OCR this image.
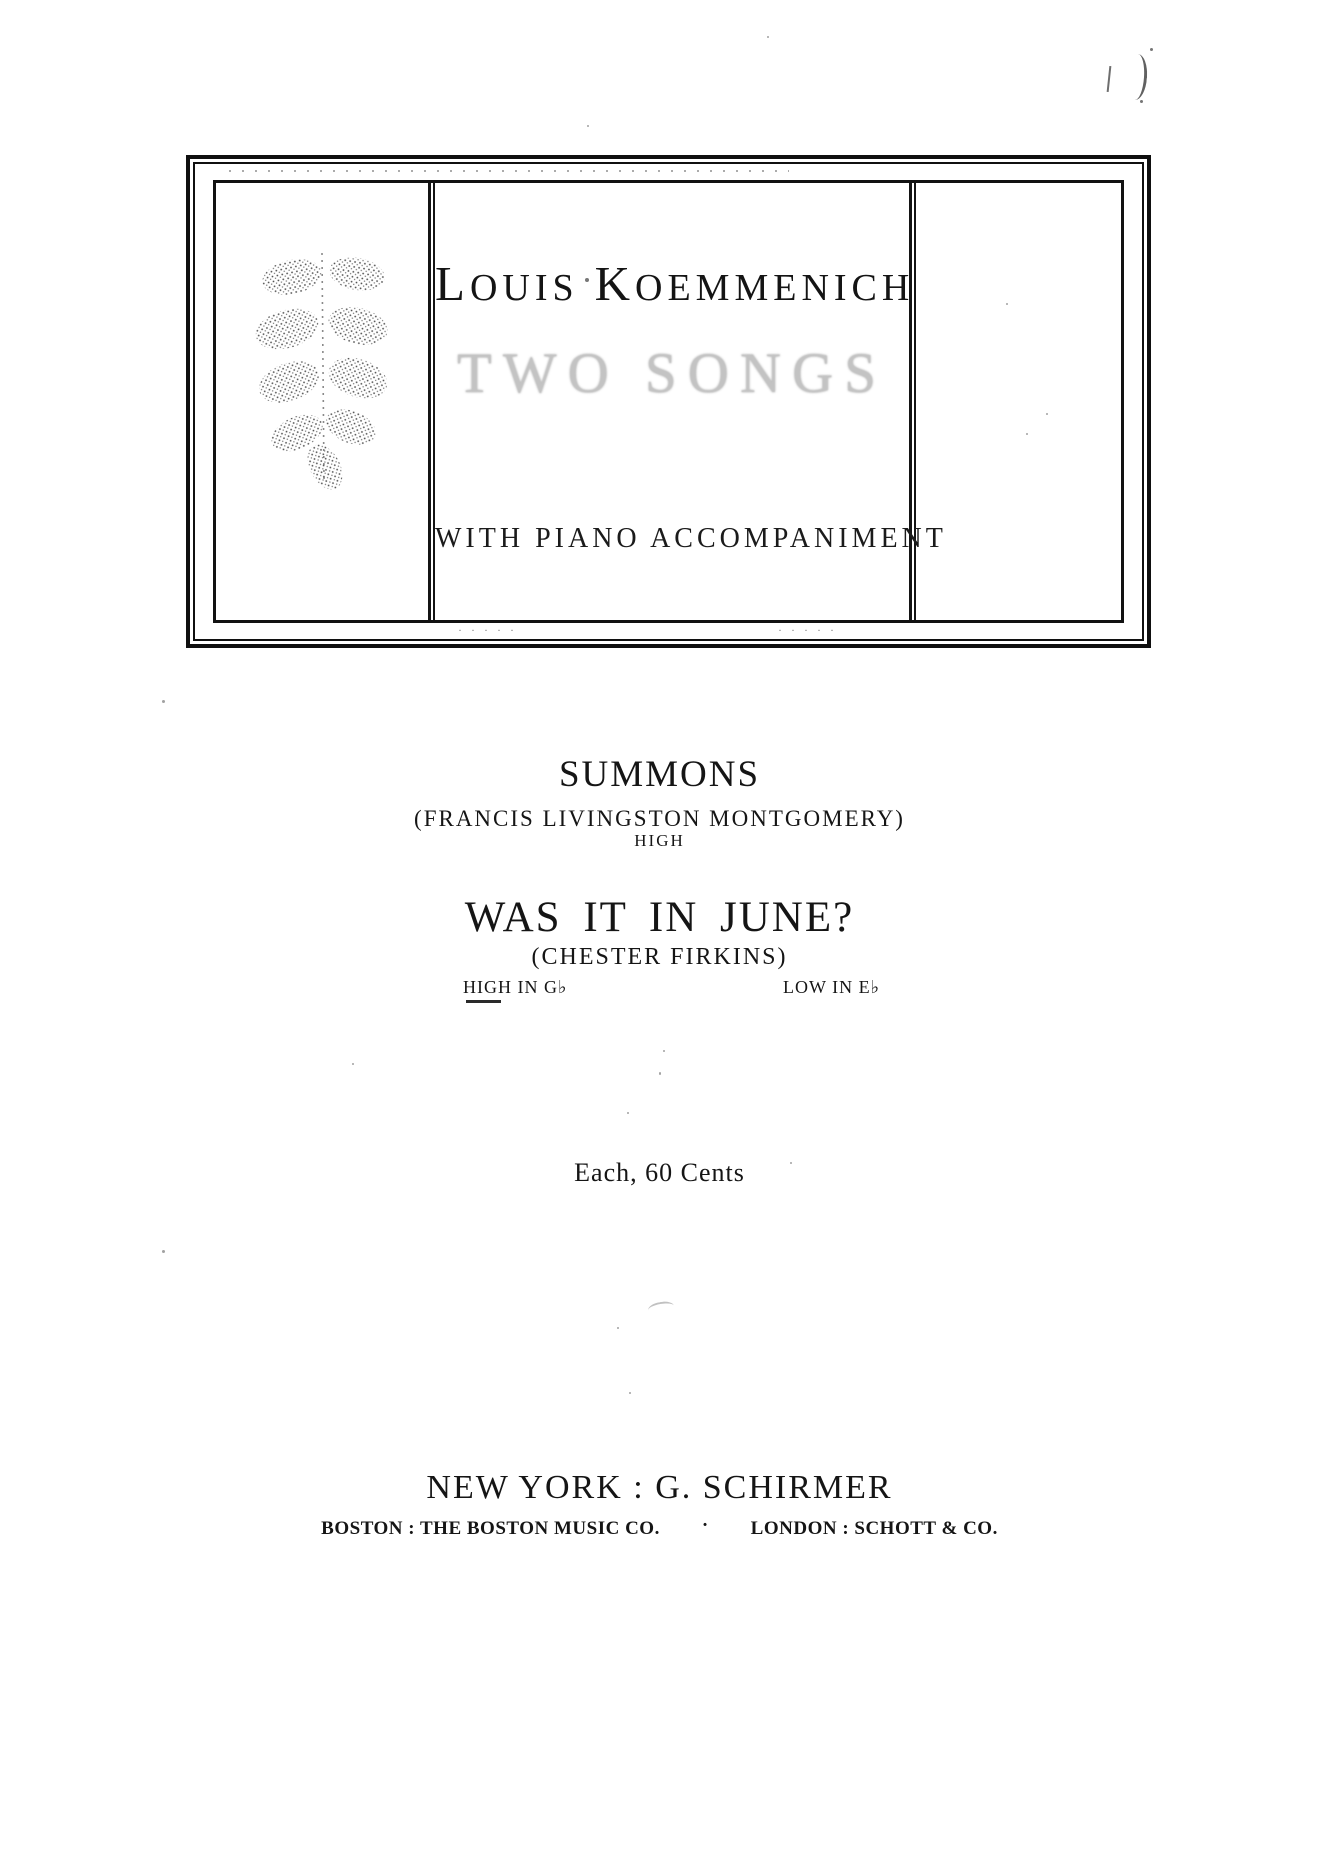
LOUIS KOEMMENICH
TWO SONGS
WITH PIANO ACCOMPANIMENT
·····	·····
SUMMONS
(FRANCIS LIVINGSTON MONTGOMERY)
HIGH
WAS IT IN JUNE?
(CHESTER FIRKINS)
HIGH IN G♭	LOW IN E♭
Each, 60 Cents
NEW YORK : G. SCHIRMER
BOSTON : THE BOSTON MUSIC CO. · LONDON : SCHOTT & CO.
